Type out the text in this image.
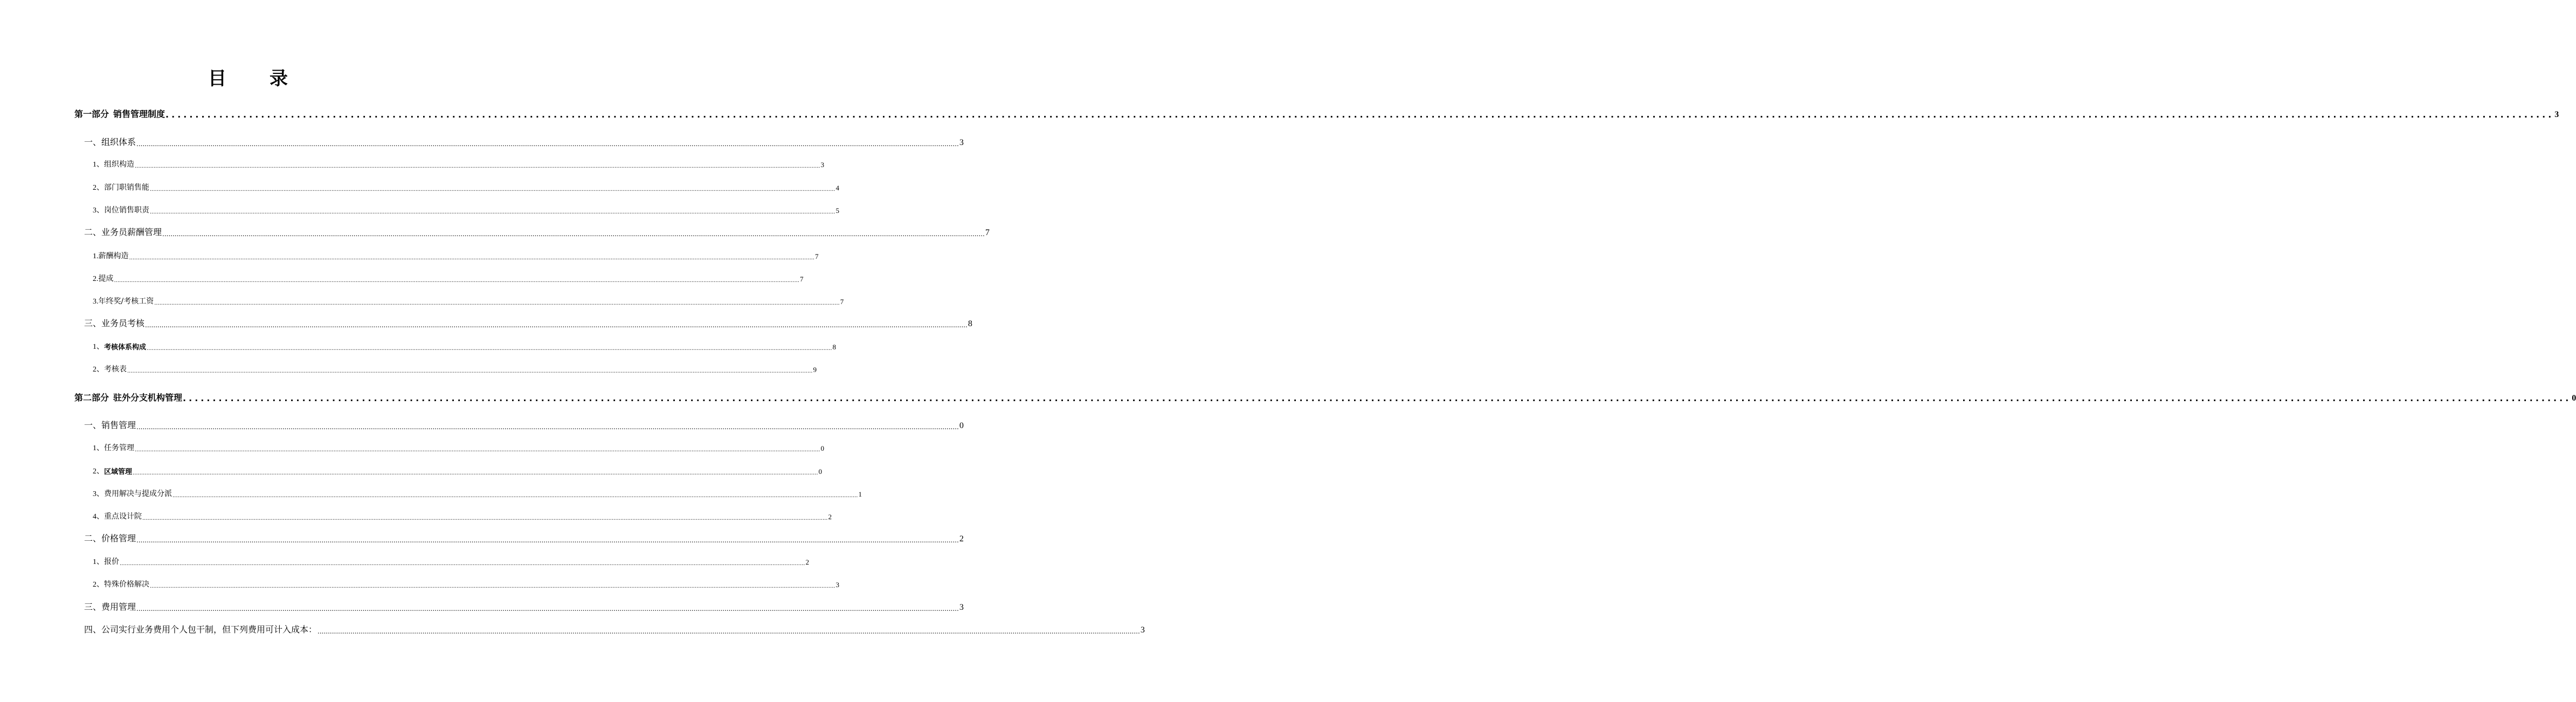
目 录
第一部分 销售管理制度 ................................................................................................................................................................................................................................................................................................................................................................................................................ 3
一、 组织体系 ................................................................................................................................................................................................................................................................................................................................................................................................................ 3
1、 组织构造 ................................................................................................................................................................................................................................................................................................................................................................................................................ 3
2、 部门职销售能 ................................................................................................................................................................................................................................................................................................................................................................................................................ 4
3、 岗位销售职责 ................................................................................................................................................................................................................................................................................................................................................................................................................ 5
二、 业务员薪酬管理 ................................................................................................................................................................................................................................................................................................................................................................................................................ 7
1. 薪酬构造 ................................................................................................................................................................................................................................................................................................................................................................................................................ 7
2. 提成 ................................................................................................................................................................................................................................................................................................................................................................................................................ 7
3. 年终奖/考核工资 ................................................................................................................................................................................................................................................................................................................................................................................................................ 7
三、 业务员考核 ................................................................................................................................................................................................................................................................................................................................................................................................................ 8
1、 考核体系构成 ................................................................................................................................................................................................................................................................................................................................................................................................................ 8
2、 考核表 ................................................................................................................................................................................................................................................................................................................................................................................................................ 9
第二部分 驻外分支机构管理 ................................................................................................................................................................................................................................................................................................................................................................................................................ 0
一、 销售管理 ................................................................................................................................................................................................................................................................................................................................................................................................................ 0
1、 任务管理 ................................................................................................................................................................................................................................................................................................................................................................................................................ 0
2、 区域管理 ................................................................................................................................................................................................................................................................................................................................................................................................................ 0
3、 费用解决与提成分派 ................................................................................................................................................................................................................................................................................................................................................................................................................ 1
4、 重点设计院 ................................................................................................................................................................................................................................................................................................................................................................................................................ 2
二、 价格管理 ................................................................................................................................................................................................................................................................................................................................................................................................................ 2
1、 报价 ................................................................................................................................................................................................................................................................................................................................................................................................................ 2
2、 特殊价格解决 ................................................................................................................................................................................................................................................................................................................................................................................................................ 3
三、 费用管理 ................................................................................................................................................................................................................................................................................................................................................................................................................ 3
四、 公司实行业务费用个人包干制，但下列费用可计入成本： ................................................................................................................................................................................................................................................................................................................................................................................................................ 3
